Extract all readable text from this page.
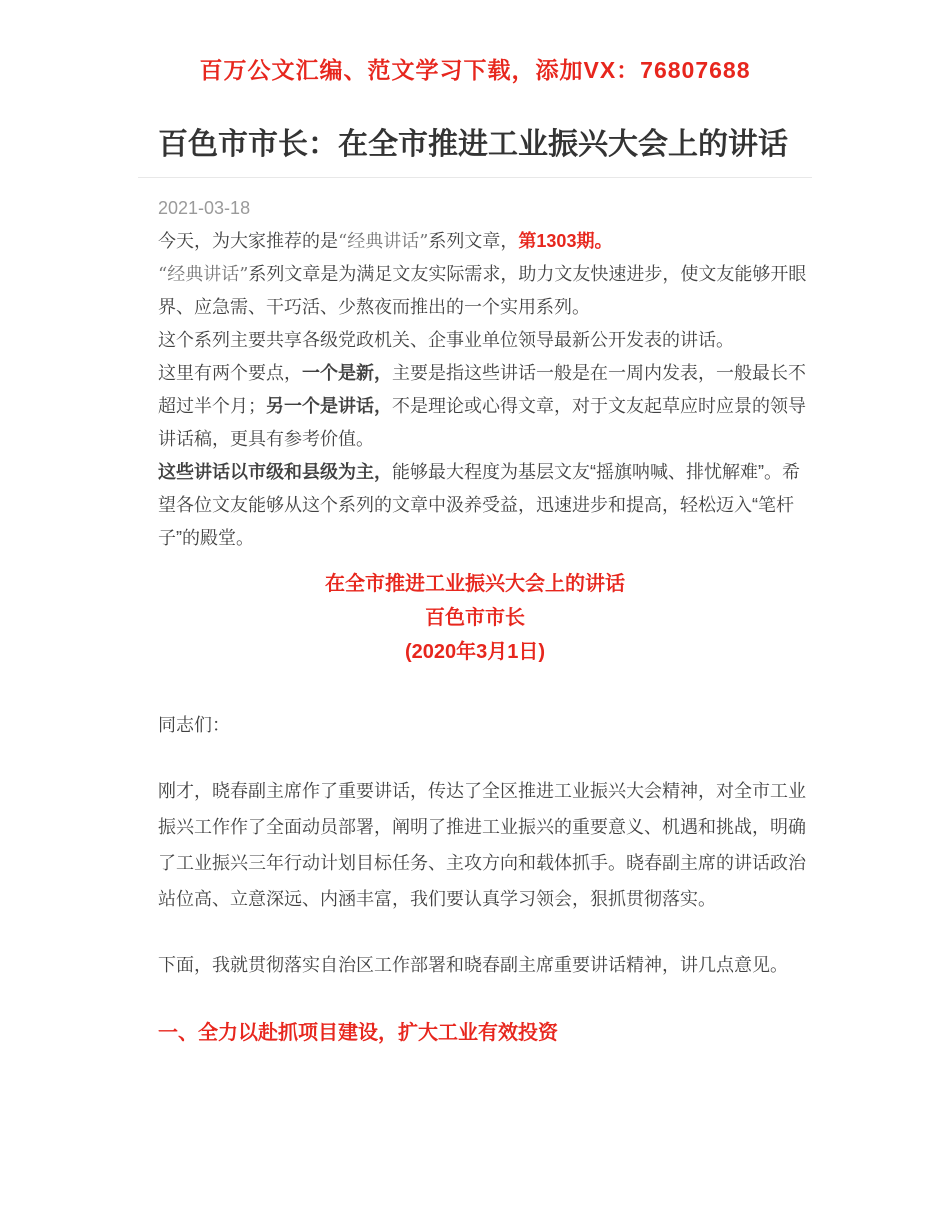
百万公文汇编、范文学习下载，添加VX：76807688
百色市市长：在全市推进工业振兴大会上的讲话
2021-03-18

今天，为大家推荐的是“经典讲话”系列文章，第1303期。

“经典讲话”系列文章是为满足文友实际需求，助力文友快速进步，使文友能够开眼界、应急需、干巧活、少熬夜而推出的一个实用系列。

这个系列主要共享各级党政机关、企事业单位领导最新公开发表的讲话。

这里有两个要点，一个是新，主要是指这些讲话一般是在一周内发表，一般最长不超过半个月；另一个是讲话，不是理论或心得文章，对于文友起草应时应景的领导讲话稿，更具有参考价值。

这些讲话以市级和县级为主，能够最大程度为基层文友“摇旗呐喊、排忧解难”。希望各位文友能够从这个系列的文章中汲养受益，迅速进步和提高，轻松迈入“笔杆子”的殿堂。

在全市推进工业振兴大会上的讲话

百色市市长

(2020年3月1日)

同志们：

刚才，晓春副主席作了重要讲话，传达了全区推进工业振兴大会精神，对全市工业振兴工作作了全面动员部署，阐明了推进工业振兴的重要意义、机遇和挑战，明确了工业振兴三年行动计划目标任务、主攻方向和载体抓手。晓春副主席的讲话政治站位高、立意深远、内涵丰富，我们要认真学习领会，狠抓贯彻落实。

下面，我就贯彻落实自治区工作部署和晓春副主席重要讲话精神，讲几点意见。

一、全力以赴抓项目建设，扩大工业有效投资
